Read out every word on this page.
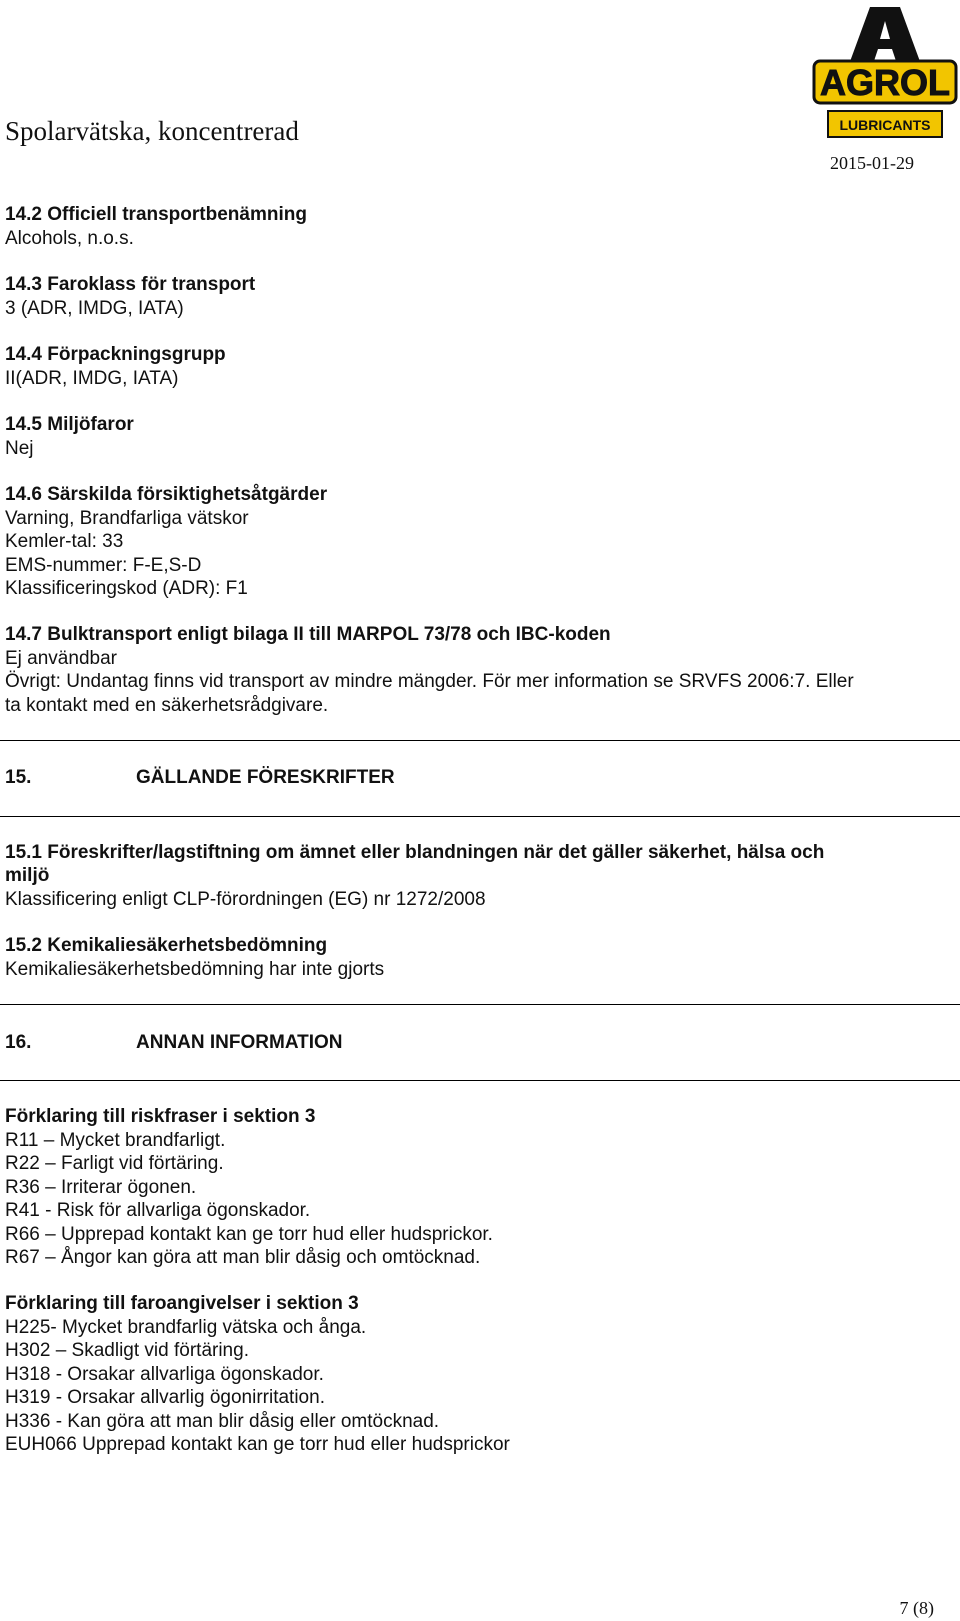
Spolarvätska, koncentrerad
2015-01-29
AGROL
LUBRICANTS
14.2 Officiell transportbenämning
Alcohols, n.o.s.
14.3 Faroklass för transport
3 (ADR, IMDG, IATA)
14.4 Förpackningsgrupp
II(ADR, IMDG, IATA)
14.5 Miljöfaror
Nej
14.6 Särskilda försiktighetsåtgärder
Varning, Brandfarliga vätskor
Kemler-tal: 33
EMS-nummer: F-E,S-D
Klassificeringskod (ADR): F1
14.7 Bulktransport enligt bilaga II till MARPOL 73/78 och IBC-koden
Ej användbar
Övrigt: Undantag finns vid transport av mindre mängder. För mer information se SRVFS 2006:7. Eller
ta kontakt med en säkerhetsrådgivare.
15.	GÄLLANDE FÖRESKRIFTER
15.1 Föreskrifter/lagstiftning om ämnet eller blandningen när det gäller säkerhet, hälsa och
miljö
Klassificering enligt CLP-förordningen (EG) nr 1272/2008
15.2 Kemikaliesäkerhetsbedömning
Kemikaliesäkerhetsbedömning har inte gjorts
16.	ANNAN INFORMATION
Förklaring till riskfraser i sektion 3
R11 – Mycket brandfarligt.
R22 – Farligt vid förtäring.
R36 – Irriterar ögonen.
R41 - Risk för allvarliga ögonskador.
R66 – Upprepad kontakt kan ge torr hud eller hudsprickor.
R67 – Ångor kan göra att man blir dåsig och omtöcknad.
Förklaring till faroangivelser i sektion 3
H225- Mycket brandfarlig vätska och ånga.
H302 – Skadligt vid förtäring.
H318 - Orsakar allvarliga ögonskador.
H319 - Orsakar allvarlig ögonirritation.
H336 - Kan göra att man blir dåsig eller omtöcknad.
EUH066 Upprepad kontakt kan ge torr hud eller hudsprickor
7 (8)
